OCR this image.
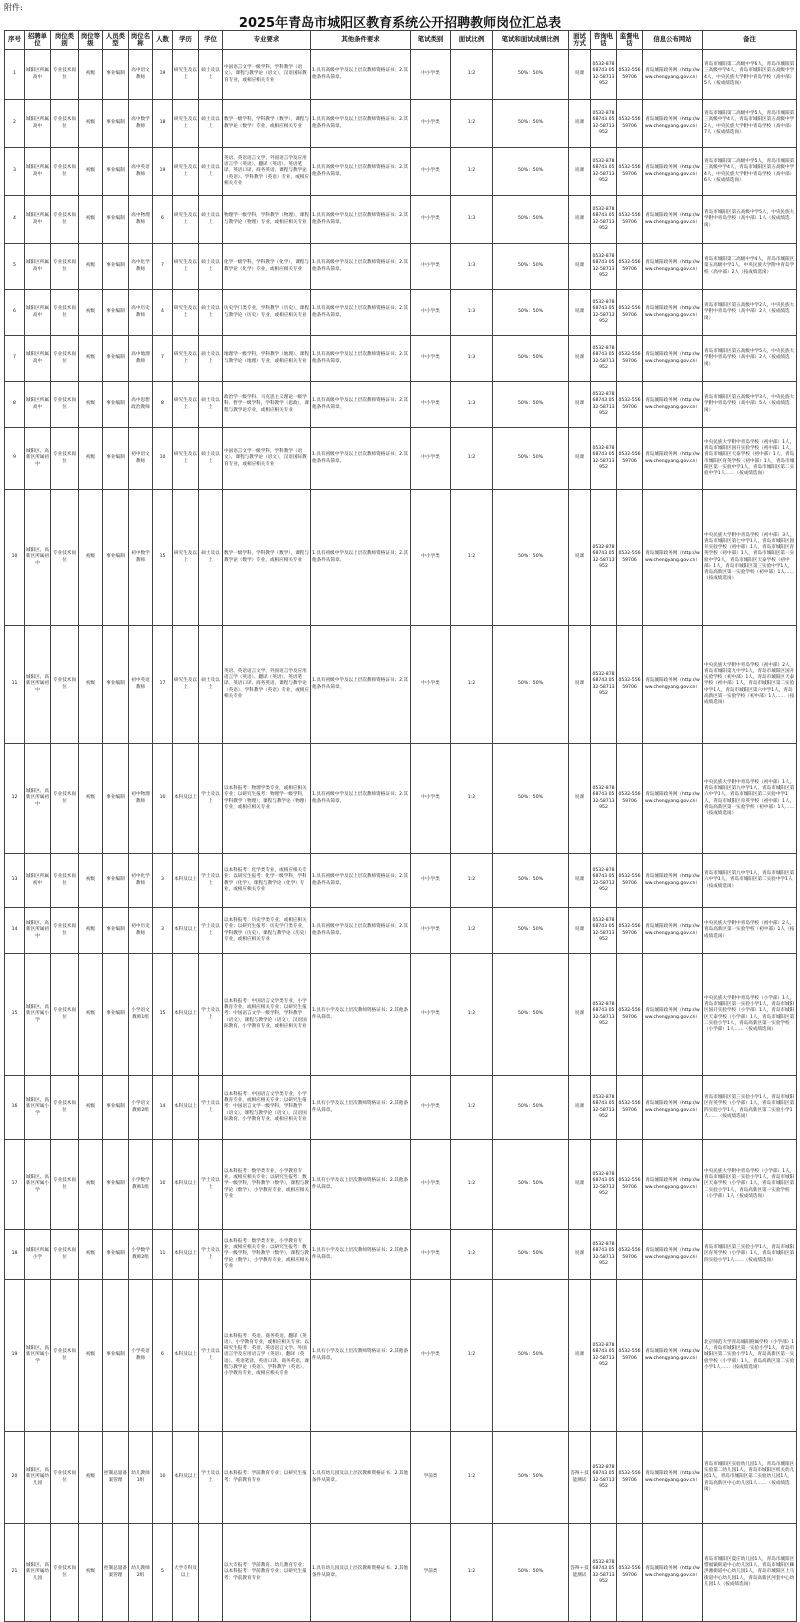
附件:
2025年青岛市城阳区教育系统公开招聘教师岗位汇总表
序号	招聘单位	岗位类别	岗位等级	人员类型	岗位名称	人数	学历	学位	专业要求	其他条件要求	笔试类别	面试比例	笔试和面试成绩比例	面试方式	咨询电话	监督电话	信息公布网站	备注
1	城阳区所属高中	专业技术岗位	初级	事业编制	高中语文教师	19	研究生及以上	硕士及以上	中国语言文学一级学科，学科教学（语文），课程与教学论（语文），汉语国际教育专业，或相应相关专业	1.具有高级中学及以上层次教师资格证书；2.其他条件从简章。	中小学类	1:2	50%：50%	说课	0532-87868743 0532-58713952	0532-55659706	青岛城阳政务网（http://www.chengyang.gov.cn）	青岛市城阳第二高级中学6人，青岛市城阳第三高级中学4人，青岛市城阳区第五高级中学4人，中央民族大学附中青岛学校（高中部）5人（按成绩选岗）
2	城阳区所属高中	专业技术岗位	初级	事业编制	高中数学教师	18	研究生及以上	硕士及以上	数学一级学科，学科教学（数学），课程与教学论（数学）专业，或相应相关专业	1.具有高级中学及以上层次教师资格证书；2.其他条件从简章。	中小学类	1:2	50%：50%	说课	0532-87868743 0532-58713952	0532-55659706	青岛城阳政务网（http://www.chengyang.gov.cn）	青岛市城阳第二高级中学5人，青岛市城阳第三高级中学4人，青岛市城阳区第五高级中学2人，中央民族大学附中青岛学校（高中部）7人（按成绩选岗）
3	城阳区所属高中	专业技术岗位	初级	事业编制	高中英语教师	19	研究生及以上	硕士及以上	英语、英语语言文学、外国语言学及应用语言学（英语）、翻译（英语）、英语笔译、英语口译、商务英语、课程与教学论（英语）、学科教学（英语）专业，或相应相关专业	1.具有高级中学及以上层次教师资格证书；2.其他条件从简章。	中小学类	1:2	50%：50%	说课	0532-87868743 0532-58713952	0532-55659706	青岛城阳政务网（http://www.chengyang.gov.cn）	青岛市城阳第二高级中学5人，青岛市城阳第三高级中学4人，青岛市城阳区第五高级中学4人，中央民族大学附中青岛学校（高中部）6人（按成绩选岗）
4	城阳区所属高中	专业技术岗位	初级	事业编制	高中物理教师	6	研究生及以上	硕士及以上	物理学一级学科，学科教学（物理），课程与教学论（物理）专业，或相应相关专业	1.具有高级中学及以上层次教师资格证书；2.其他条件从简章。	中小学类	1:3	50%：50%	说课	0532-87868743 0532-58713952	0532-55659706	青岛城阳政务网（http://www.chengyang.gov.cn）	青岛市城阳区第五高级中学5人，中央民族大学附中青岛学校（高中部）1人（按成绩选岗）
5	城阳区所属高中	专业技术岗位	初级	事业编制	高中化学教师	7	研究生及以上	硕士及以上	化学一级学科，学科教学（化学），课程与教学论（化学）专业，或相应相关专业	1.具有高级中学及以上层次教师资格证书；2.其他条件从简章。	中小学类	1:3	50%：50%	说课	0532-87868743 0532-58713952	0532-55659706	青岛城阳政务网（http://www.chengyang.gov.cn）	青岛市城阳第二高级中学4人，青岛市城阳区第五高级中学1人，中央民族大学附中青岛学校（高中部）2人（按成绩选岗）
6	城阳区所属高中	专业技术岗位	初级	事业编制	高中历史教师	4	研究生及以上	硕士及以上	历史学门类专业，学科教学（历史），课程与教学论（历史）专业，或相应相关专业	1.具有高级中学及以上层次教师资格证书；2.其他条件从简章。	中小学类	1:3	50%：50%	说课	0532-87868743 0532-58713952	0532-55659706	青岛城阳政务网（http://www.chengyang.gov.cn）	青岛市城阳区第五高级中学2人，中央民族大学附中青岛学校（高中部）2人（按成绩选岗）
7	城阳区所属高中	专业技术岗位	初级	事业编制	高中地理教师	7	研究生及以上	硕士及以上	地理学一级学科，学科教学（地理），课程与教学论（地理）专业，或相应相关专业	1.具有高级中学及以上层次教师资格证书；2.其他条件从简章。	中小学类	1:3	50%：50%	说课	0532-87868743 0532-58713952	0532-55659706	青岛城阳政务网（http://www.chengyang.gov.cn）	青岛市城阳区第五高级中学5人，中央民族大学附中青岛学校（高中部）2人（按成绩选岗）
8	城阳区所属高中	专业技术岗位	初级	事业编制	高中思想政治教师	8	研究生及以上	硕士及以上	政治学一级学科、马克思主义理论一级学科、哲学一级学科，学科教学（思政），课程与教学论专业，或相应相关专业	1.具有高级中学及以上层次教师资格证书；2.其他条件从简章。	中小学类	1:3	50%：50%	说课	0532-87868743 0532-58713952	0532-55659706	青岛城阳政务网（http://www.chengyang.gov.cn）	青岛市城阳区第五高级中学3人，中央民族大学附中青岛学校（高中部）5人（按成绩选岗）
9	城阳区、高新区所属初中	专业技术岗位	初级	事业编制	初中语文教师	10	研究生及以上	硕士及以上	中国语言文学一级学科，学科教学（语文），课程与教学论（语文），汉语国际教育专业，或相应相关专业	1.具有初级中学及以上层次教师资格证书；2.其他条件从简章。	中小学类	1:2	50%：50%	说课	0532-87868743 0532-58713952	0532-55659706	青岛城阳政务网（http://www.chengyang.gov.cn）	中央民族大学附中青岛学校（初中部）1人，青岛市城阳区国开实验学校（初中部）1人，青岛市城阳区天泰学校（初中部）1人，青岛市城阳区育英学校（初中部）1人，青岛市城阳区第一实验中学1人，青岛市城阳区第二实验中学1人……（按成绩选岗）
10	城阳区、高新区所属初中	专业技术岗位	初级	事业编制	初中数学教师	15	研究生及以上	硕士及以上	数学一级学科，学科教学（数学），课程与教学论（数学）专业，或相应相关专业	1.具有初级中学及以上层次教师资格证书；2.其他条件从简章。	中小学类	1:2	50%：50%	说课	0532-87868743 0532-58713952	0532-55659706	青岛城阳政务网（http://www.chengyang.gov.cn）	中央民族大学附中青岛学校（初中部）3人，青岛市城阳区第七中学1人，青岛市城阳区国开实验学校（初中部）1人，青岛市城阳区育英学校（初中部）1人，青岛市城阳区第一实验中学2人，青岛市城阳区天泰学校（初中部）1人，青岛市城阳区第三实验中学1人，青岛高新区第一实验学校（初中部）1人……（按成绩选岗）
11	城阳区、高新区所属初中	专业技术岗位	初级	事业编制	初中英语教师	17	研究生及以上	硕士及以上	英语、英语语言文学、外国语言学及应用语言学（英语）、翻译（英语）、英语笔译、英语口译、商务英语、课程与教学论（英语）、学科教学（英语）专业，或相应相关专业	1.具有初级中学及以上层次教师资格证书；2.其他条件从简章。	中小学类	1:2	50%：50%	说课	0532-87868743 0532-58713952	0532-55659706	青岛城阳政务网（http://www.chengyang.gov.cn）	中央民族大学附中青岛学校（初中部）2人，青岛市城阳第九中学1人，青岛市城阳区国开实验学校（初中部）1人，青岛市城阳区天泰学校（初中部）1人，青岛市城阳区第二实验中学1人，青岛市城阳区第六中学1人，青岛高新区第一实验学校（初中部）1人……（按成绩选岗）
12	城阳区、高新区所属初中	专业技术岗位	初级	事业编制	初中物理教师	10	本科及以上	学士及以上	以本科报考：物理学类专业，或相应相关专业；以研究生报考：物理学一级学科，学科教学（物理），课程与教学论（物理）专业，或相应相关专业	1.具有初级中学及以上层次教师资格证书；2.其他条件从简章。	中小学类	1:2	50%：50%	说课	0532-87868743 0532-58713952	0532-55659706	青岛城阳政务网（http://www.chengyang.gov.cn）	中央民族大学附中青岛学校（初中部）1人，青岛市城阳区第九中学1人，青岛市城阳区第六中学1人，青岛市城阳区第二实验中学1人，青岛市城阳区育英学校（初中部）1人，青岛高新区第一实验学校（初中部）1人……（按成绩选岗）
13	城阳区所属初中	专业技术岗位	初级	事业编制	初中化学教师	3	本科及以上	学士及以上	以本科报考：化学类专业，或相应相关专业；以研究生报考：化学一级学科，学科教学（化学），课程与教学论（化学）专业，或相应相关专业	1.具有初级中学及以上层次教师资格证书；2.其他条件从简章。	中小学类	1:2	50%：50%	说课	0532-87868743 0532-58713952	0532-55659706	青岛城阳政务网（http://www.chengyang.gov.cn）	青岛市城阳区第九中学1人，青岛市城阳区第六中学1人，青岛市城阳区第二实验中学1人（按成绩选岗）
14	城阳区、高新区所属初中	专业技术岗位	初级	事业编制	初中历史教师	3	本科及以上	学士及以上	以本科报考：历史学类专业，或相应相关专业；以研究生报考：历史学门类专业，学科教学（历史），课程与教学论（历史）专业，或相应相关专业	1.具有初级中学及以上层次教师资格证书；2.其他条件从简章。	中小学类	1:2	50%：50%	说课	0532-87868743 0532-58713952	0532-55659706	青岛城阳政务网（http://www.chengyang.gov.cn）	中央民族大学附中青岛学校（初中部）2人，青岛高新区第一实验学校（初中部）1人（按成绩选岗）
15	城阳区、高新区所属小学	专业技术岗位	初级	事业编制	小学语文教师1组	15	本科及以上	学士及以上	以本科报考：中国语言文学类专业，小学教育专业，或相应相关专业；以研究生报考：中国语言文学一级学科，学科教学（语文），课程与教学论（语文），汉语国际教育、小学教育专业，或相应相关专业	1.具有小学及以上层次教师资格证书；2.其他条件从简章。	中小学类	1:2	50%：50%	说课	0532-87868743 0532-58713952	0532-55659706	青岛城阳政务网（http://www.chengyang.gov.cn）	中央民族大学附中青岛学校（小学部）1人，青岛市城阳区第一实验小学1人，青岛市城阳区国开实验学校（小学部）1人，青岛市城阳区天泰学校（小学部）1人，青岛市城阳区第二实验小学1人，青岛高新区第一实验学校（小学部）1人……（按成绩选岗）
16	城阳区、高新区所属小学	专业技术岗位	初级	事业编制	小学语文教师2组	14	本科及以上	学士及以上	以本科报考：中国语言文学类专业，小学教育专业，或相应相关专业；以研究生报考：中国语言文学一级学科，学科教学（语文），课程与教学论（语文），汉语国际教育、小学教育专业，或相应相关专业	1.具有小学及以上层次教师资格证书；2.其他条件从简章。	中小学类	1:2	50%：50%	说课	0532-87868743 0532-58713952	0532-55659706	青岛城阳政务网（http://www.chengyang.gov.cn）	青岛市城阳区第三实验小学1人，青岛市城阳区育英学校（小学部）1人，青岛市城阳区第四实验小学1人，青岛高新区第二实验小学1人……（按成绩选岗）
17	城阳区、高新区所属小学	专业技术岗位	初级	事业编制	小学数学教师1组	10	本科及以上	学士及以上	以本科报考：数学类专业，小学教育专业，或相应相关专业；以研究生报考：数学一级学科，学科教学（数学），课程与教学论（数学）、小学教育专业，或相应相关专业	1.具有小学及以上层次教师资格证书；2.其他条件从简章。	中小学类	1:2	50%：50%	说课	0532-87868743 0532-58713952	0532-55659706	青岛城阳政务网（http://www.chengyang.gov.cn）	中央民族大学附中青岛学校（小学部）1人，青岛市城阳区第一实验小学1人，青岛市城阳区天泰学校（小学部）1人，青岛市城阳区第二实验小学1人，青岛高新区第一实验学校（小学部）1人（按成绩选岗）
18	城阳区所属小学	专业技术岗位	初级	事业编制	小学数学教师2组	11	本科及以上	学士及以上	以本科报考：数学类专业，小学教育专业，或相应相关专业；以研究生报考：数学一级学科，学科教学（数学），课程与教学论（数学）、小学教育专业，或相应相关专业	1.具有小学及以上层次教师资格证书；2.其他条件从简章。	中小学类	1:2	50%：50%	说课	0532-87868743 0532-58713952	0532-55659706	青岛城阳政务网（http://www.chengyang.gov.cn）	青岛市城阳区第三实验小学1人，青岛市城阳区育英学校（小学部）1人，青岛市城阳区第四实验小学1人……（按成绩选岗）
19	城阳区、高新区所属小学	专业技术岗位	初级	事业编制	小学英语教师	6	本科及以上	学士及以上	以本科报考：英语、商务英语、翻译（英语）、小学教育专业，或相应相关专业；以研究生报考：英语、英语语言文学、外国语言学及应用语言学（英语）、翻译（英语）、英语笔译、英语口译、商务英语、课程与教学论（英语）、学科教学（英语）、小学教育专业，或相应相关专业	1.具有小学及以上层次教师资格证书；2.其他条件从简章。	中小学类	1:2	50%：50%	说课	0532-87868743 0532-58713952	0532-55659706	青岛城阳政务网（http://www.chengyang.gov.cn）	北京师范大学青岛城阳附属学校（小学部）1人，青岛市城阳区第一实验小学1人，青岛市城阳区第二实验小学1人，青岛高新区第一实验学校（小学部）1人，青岛高新区第二实验小学1人……（按成绩选岗）
20	城阳区、高新区所属幼儿园	专业技术岗位	初级	控制总量备案管理	幼儿教师1组	10	本科及以上	学士及以上	以本科报考：学前教育专业；以研究生报考：学前教育专业	1.具有幼儿园及以上层次教师资格证书；2.其他条件从简章。	学前类	1:2	50%：50%	答辩＋技能测试	0532-87868743 0532-58713952	0532-55659706	青岛城阳政务网（http://www.chengyang.gov.cn）	青岛市城阳区实验幼儿园1人，青岛市城阳区实验第二幼儿园1人，青岛市城阳区机关幼儿园1人，青岛市城阳区第二实验幼儿园1人，青岛高新区中心幼儿园1人……（按成绩选岗）
21	城阳区、高新区所属幼儿园	专业技术岗位	初级	控制总量备案管理	幼儿教师2组	5	大学专科及以上		以大专报考：学前教育、幼儿教育专业；以本科报考：学前教育专业；以研究生报考：学前教育专业	1.具有幼儿园及以上层次教师资格证书；2.其他条件从简章。	学前类	1:2	50%：50%	答辩＋技能测试	0532-87868743 0532-58713952	0532-55659706	青岛城阳政务网（http://www.chengyang.gov.cn）	青岛市城阳区夏庄幼儿园1人，青岛市城阳区惜福镇街道中心幼儿园1人，青岛市城阳区棘洪滩街道中心幼儿园1人，青岛市城阳区上马街道中心幼儿园1人，青岛高新区河套中心幼儿园1人（按成绩选岗）
